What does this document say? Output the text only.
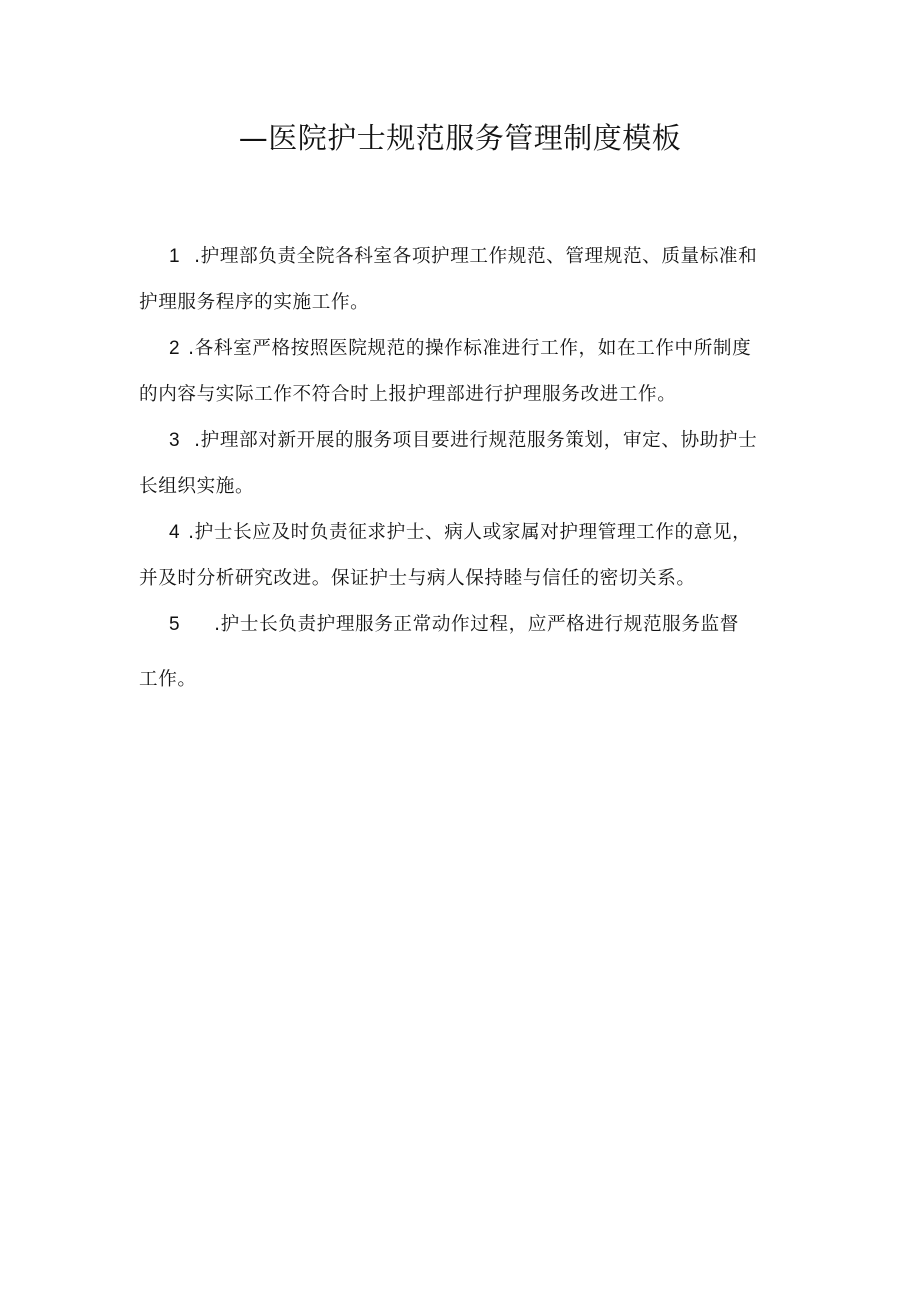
—医院护士规范服务管理制度模板
1 .护理部负责全院各科室各项护理工作规范、管理规范、质量标准和
护理服务程序的实施工作。
2 .各科室严格按照医院规范的操作标准进行工作，如在工作中所制度
的内容与实际工作不符合时上报护理部进行护理服务改进工作。
3 .护理部对新开展的服务项目要进行规范服务策划，审定、协助护士
长组织实施。
4 .护士长应及时负责征求护士、病人或家属对护理管理工作的意见，
并及时分析研究改进。保证护士与病人保持睦与信任的密切关系。
5 .护士长负责护理服务正常动作过程，应严格进行规范服务监督
工作。
